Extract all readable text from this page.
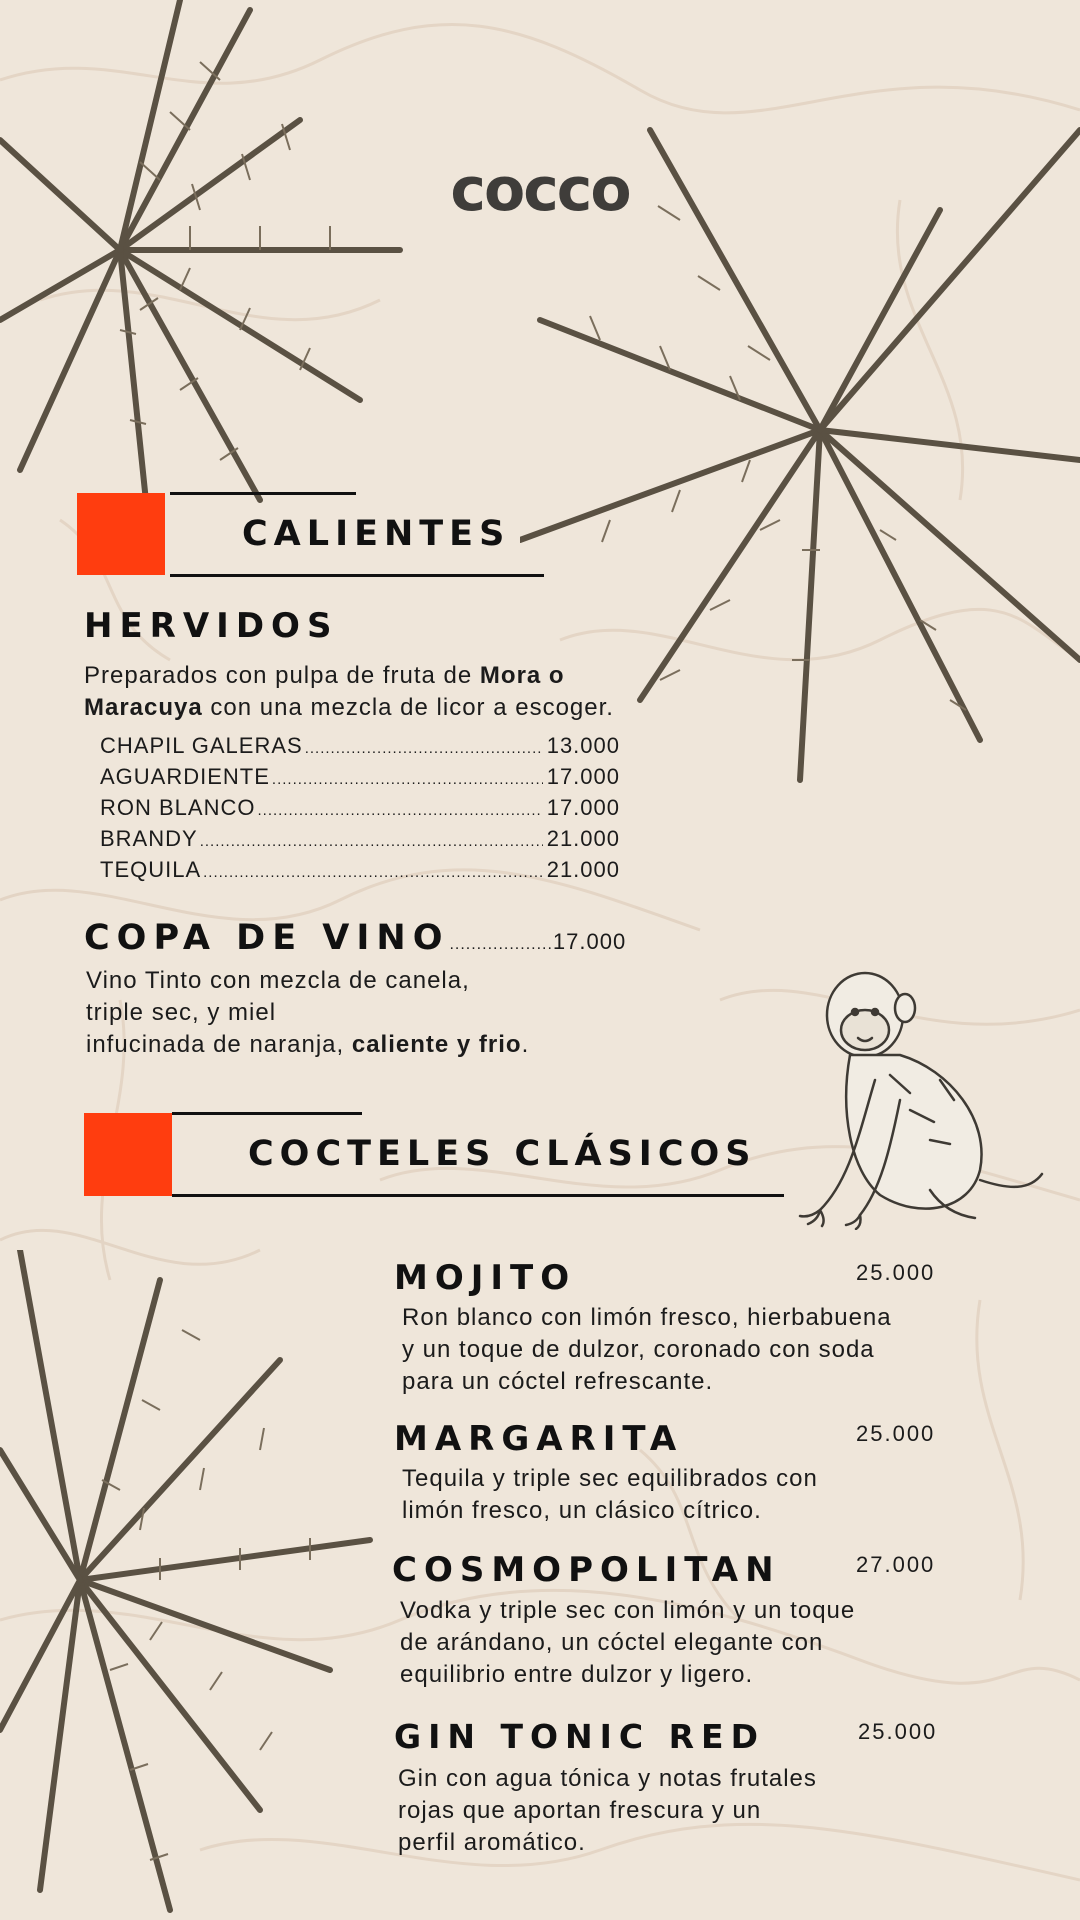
cocco
CALIENTES
HERVIDOS
Preparados con pulpa de fruta de Mora o
Maracuya con una mezcla de licor a escoger.
CHAPIL GALERAS .....	13.000
AGUARDIENTE .....	17.000
RON BLANCO .....	17.000
BRANDY .....	21.000
TEQUILA .....	21.000
COPA DE VINO ................... 17.000
Vino Tinto con mezcla de canela,
triple sec, y miel
infucinada de naranja, caliente y frio.
COCTELES CLÁSICOS
MOJITO	25.000
Ron blanco con limón fresco, hierbabuena
y un toque de dulzor, coronado con soda
para un cóctel refrescante.
MARGARITA	25.000
Tequila y triple sec equilibrados con
limón fresco, un clásico cítrico.
COSMOPOLITAN	27.000
Vodka y triple sec con limón y un toque
de arándano, un cóctel elegante con
equilibrio entre dulzor y ligero.
GIN TONIC RED	25.000
Gin con agua tónica y notas frutales
rojas que aportan frescura y un
perfil aromático.
